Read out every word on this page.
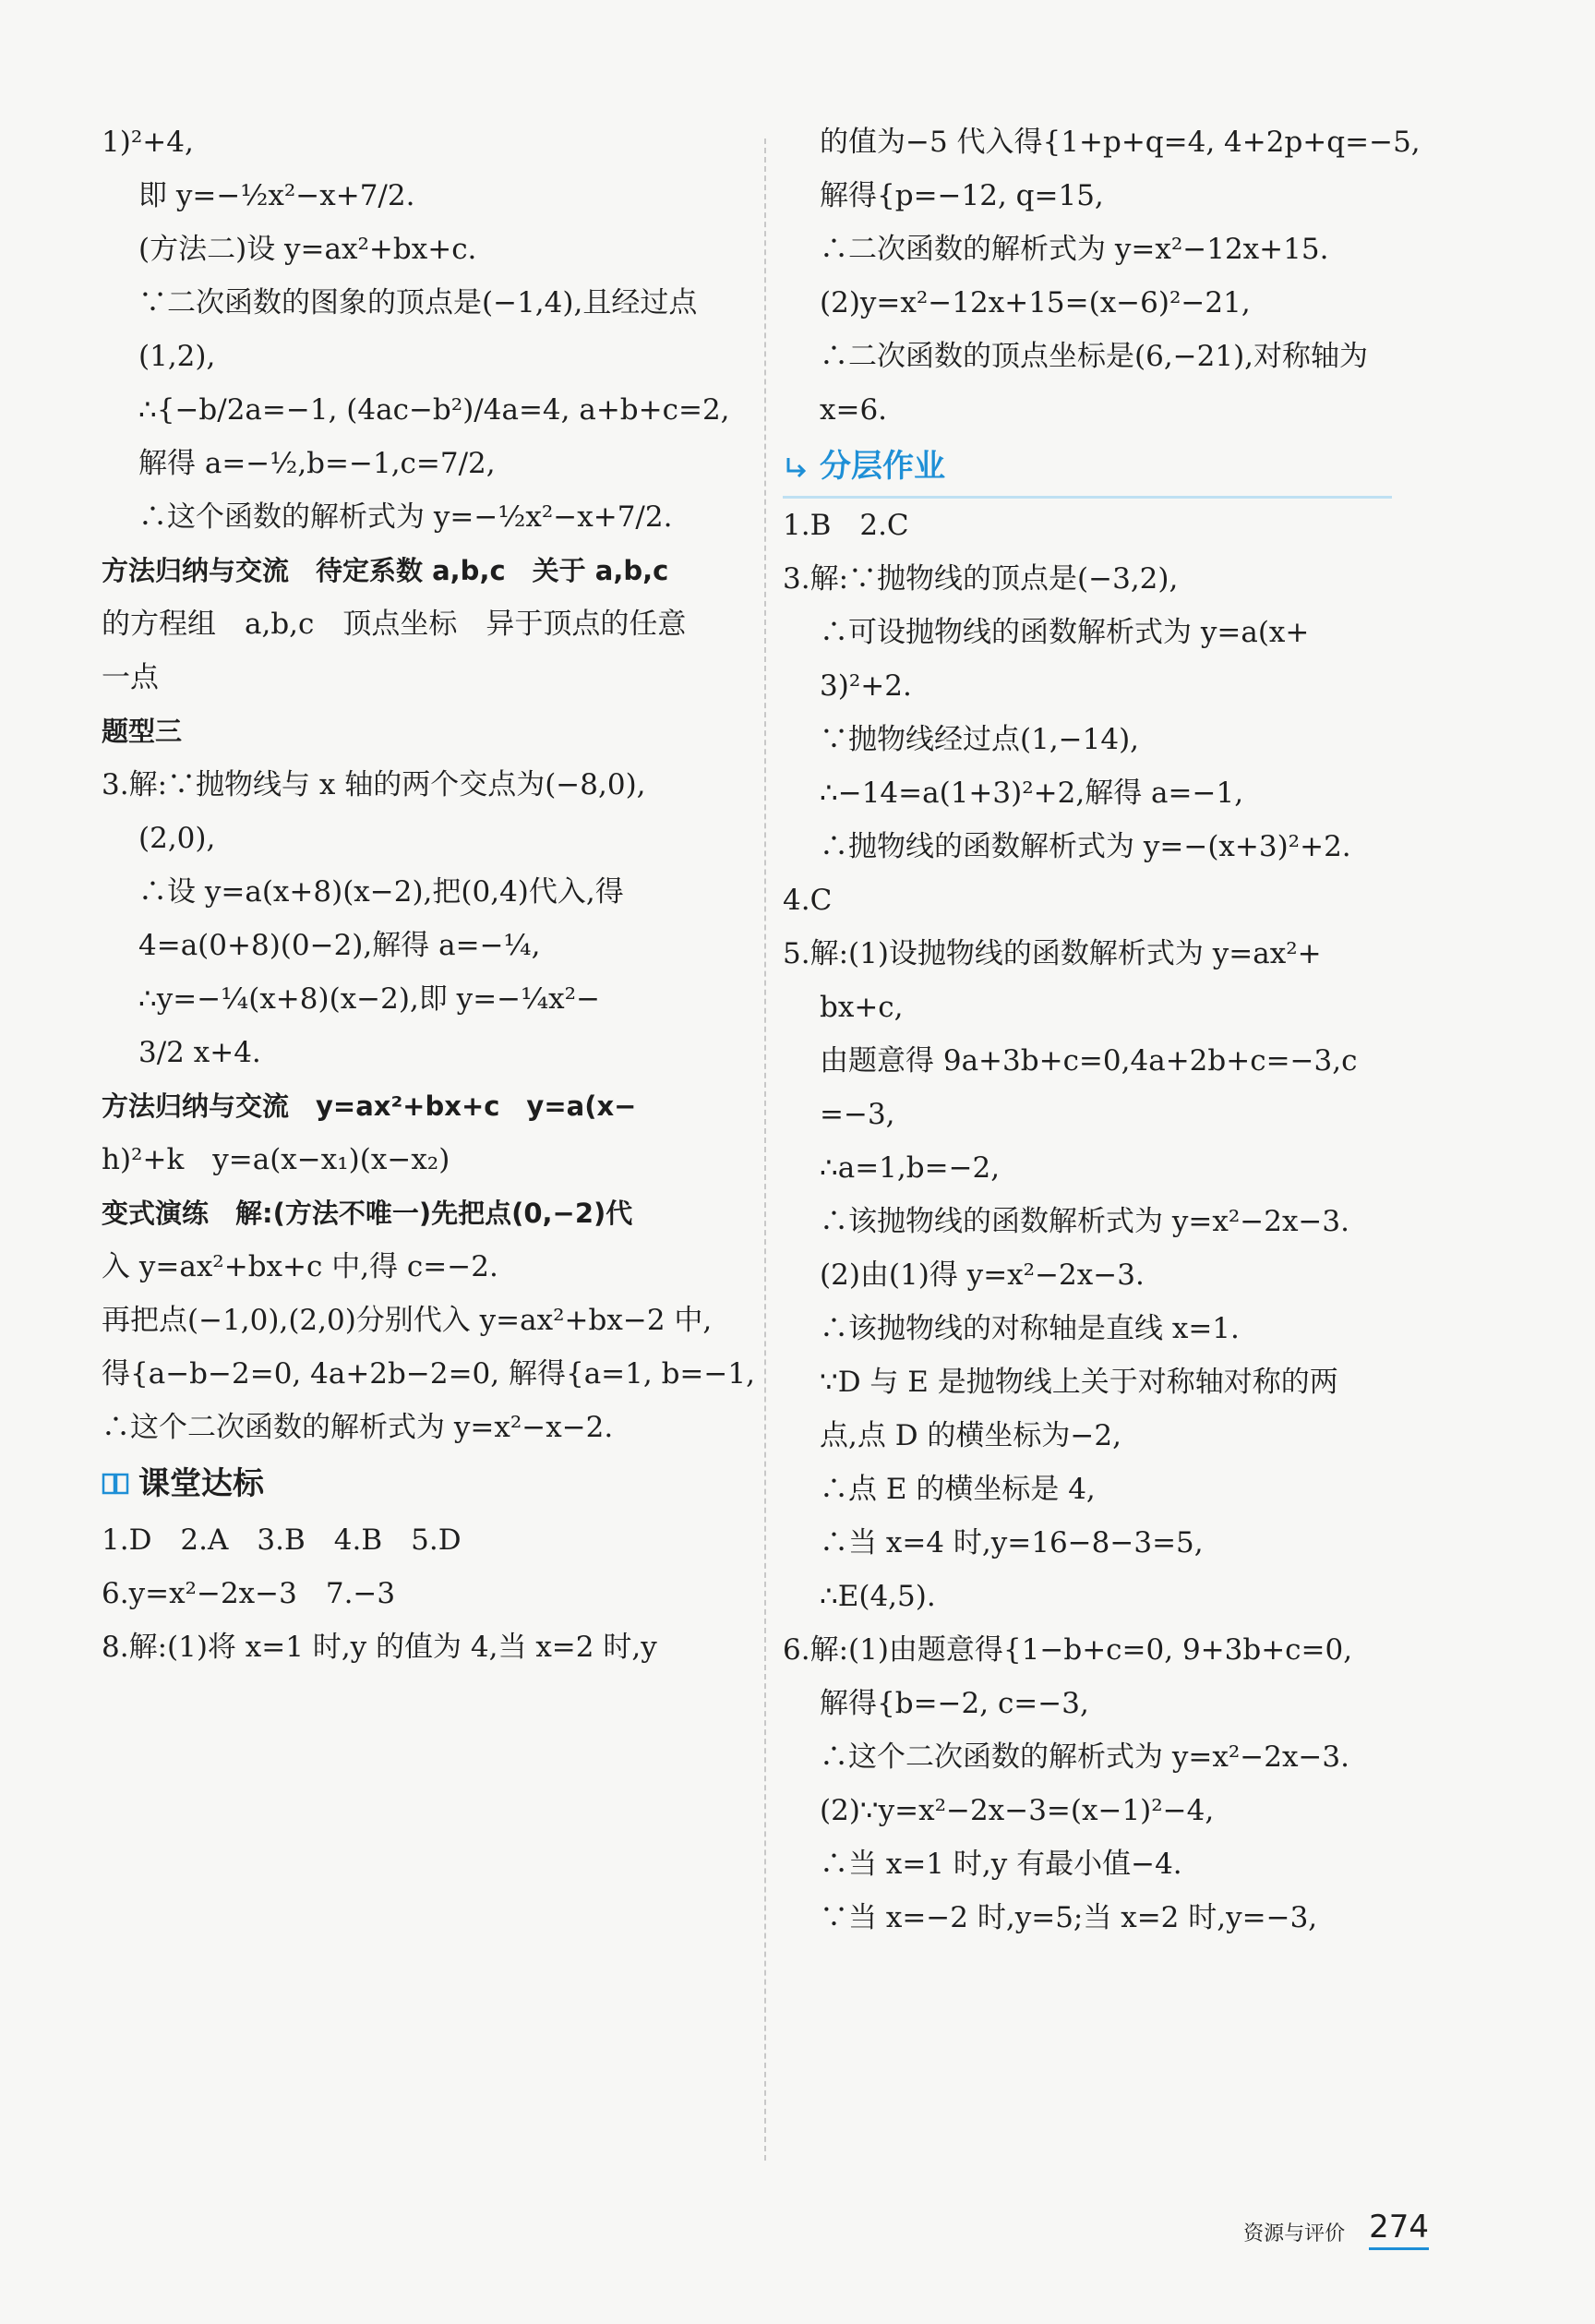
1)²+4,
即 y=−½x²−x+7/2.
(方法二)设 y=ax²+bx+c.
∵二次函数的图象的顶点是(−1,4),且经过点
(1,2),
∴{−b/2a=−1, (4ac−b²)/4a=4, a+b+c=2,
解得 a=−½,b=−1,c=7/2,
∴这个函数的解析式为 y=−½x²−x+7/2.
方法归纳与交流　待定系数 a,b,c　关于 a,b,c
的方程组　a,b,c　顶点坐标　异于顶点的任意
一点
题型三
3.解:∵抛物线与 x 轴的两个交点为(−8,0),
(2,0),
∴设 y=a(x+8)(x−2),把(0,4)代入,得
4=a(0+8)(0−2),解得 a=−¼,
∴y=−¼(x+8)(x−2),即 y=−¼x²−
3/2 x+4.
方法归纳与交流　y=ax²+bx+c　y=a(x−
h)²+k　y=a(x−x₁)(x−x₂)
变式演练　解:(方法不唯一)先把点(0,−2)代
入 y=ax²+bx+c 中,得 c=−2.
再把点(−1,0),(2,0)分别代入 y=ax²+bx−2 中,
得{a−b−2=0, 4a+2b−2=0, 解得{a=1, b=−1,
∴这个二次函数的解析式为 y=x²−x−2.
课堂达标
1.D　2.A　3.B　4.B　5.D
6.y=x²−2x−3　7.−3
8.解:(1)将 x=1 时,y 的值为 4,当 x=2 时,y
的值为−5 代入得{1+p+q=4, 4+2p+q=−5,
解得{p=−12, q=15,
∴二次函数的解析式为 y=x²−12x+15.
(2)y=x²−12x+15=(x−6)²−21,
∴二次函数的顶点坐标是(6,−21),对称轴为
x=6.
分层作业
1.B　2.C
3.解:∵抛物线的顶点是(−3,2),
∴可设抛物线的函数解析式为 y=a(x+
3)²+2.
∵抛物线经过点(1,−14),
∴−14=a(1+3)²+2,解得 a=−1,
∴抛物线的函数解析式为 y=−(x+3)²+2.
4.C
5.解:(1)设抛物线的函数解析式为 y=ax²+
bx+c,
由题意得 9a+3b+c=0,4a+2b+c=−3,c
=−3,
∴a=1,b=−2,
∴该抛物线的函数解析式为 y=x²−2x−3.
(2)由(1)得 y=x²−2x−3.
∴该抛物线的对称轴是直线 x=1.
∵D 与 E 是抛物线上关于对称轴对称的两
点,点 D 的横坐标为−2,
∴点 E 的横坐标是 4,
∴当 x=4 时,y=16−8−3=5,
∴E(4,5).
6.解:(1)由题意得{1−b+c=0, 9+3b+c=0,
解得{b=−2, c=−3,
∴这个二次函数的解析式为 y=x²−2x−3.
(2)∵y=x²−2x−3=(x−1)²−4,
∴当 x=1 时,y 有最小值−4.
∵当 x=−2 时,y=5;当 x=2 时,y=−3,
资源与评价 274
